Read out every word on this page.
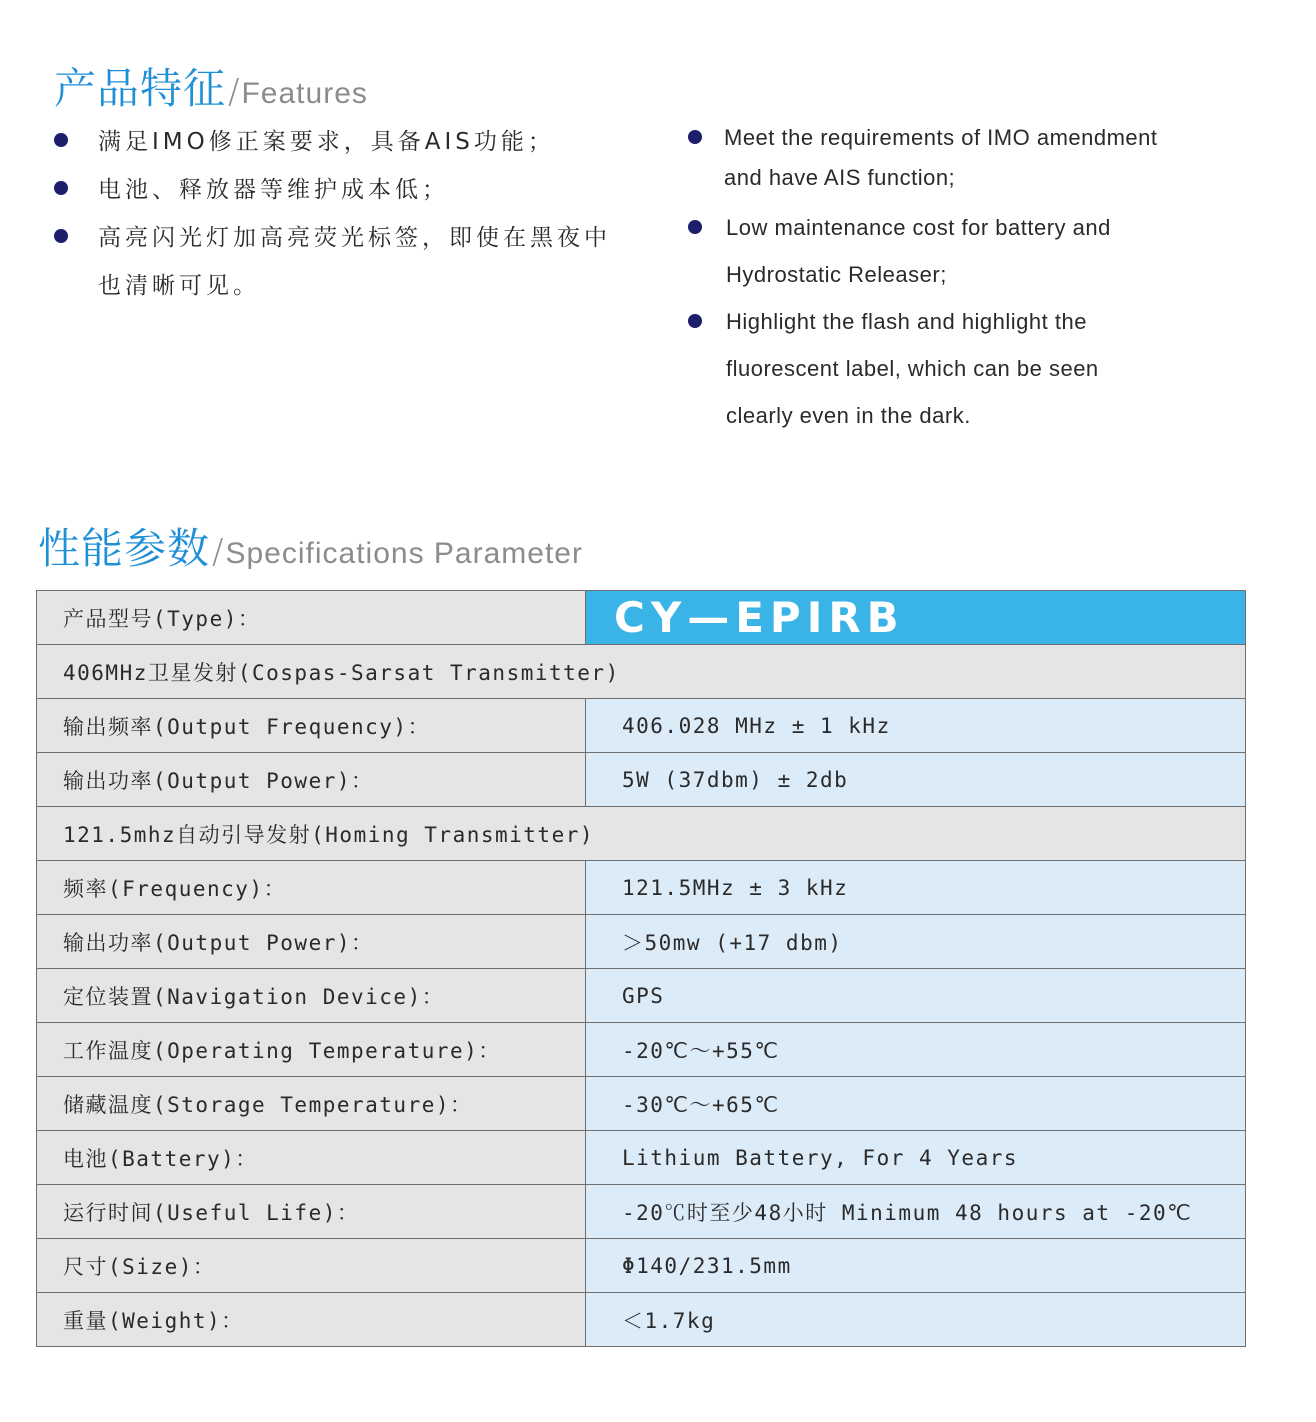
产品特征 / Features
满足IMO修正案要求，具备AIS功能；
电池、释放器等维护成本低；
高亮闪光灯加高亮荧光标签，即使在黑夜中也清晰可见。
Meet the requirements of IMO amendment and have AIS function;
Low maintenance cost for battery and Hydrostatic Releaser;
Highlight the flash and highlight the fluorescent label, which can be seen clearly even in the dark.
性能参数 / Specifications Parameter
产品型号(Type)：	CY—EPIRB
406MHz卫星发射(Cospas-Sarsat Transmitter)	
输出频率(Output Frequency)：	406.028 MHz ± 1 kHz
输出功率(Output Power)：	5W (37dbm) ± 2db
121.5mhz自动引导发射(Homing Transmitter)	
频率(Frequency)：	121.5MHz ± 3 kHz
输出功率(Output Power)：	＞50mw (+17 dbm)
定位装置(Navigation Device)：	GPS
工作温度(Operating Temperature)：	-20℃～+55℃
储藏温度(Storage Temperature)：	-30℃～+65℃
电池(Battery)：	Lithium Battery, For 4 Years
运行时间(Useful Life)：	-20℃时至少48小时 Minimum 48 hours at -20℃
尺寸(Size)：	Φ140/231.5mm
重量(Weight)：	＜1.7kg
